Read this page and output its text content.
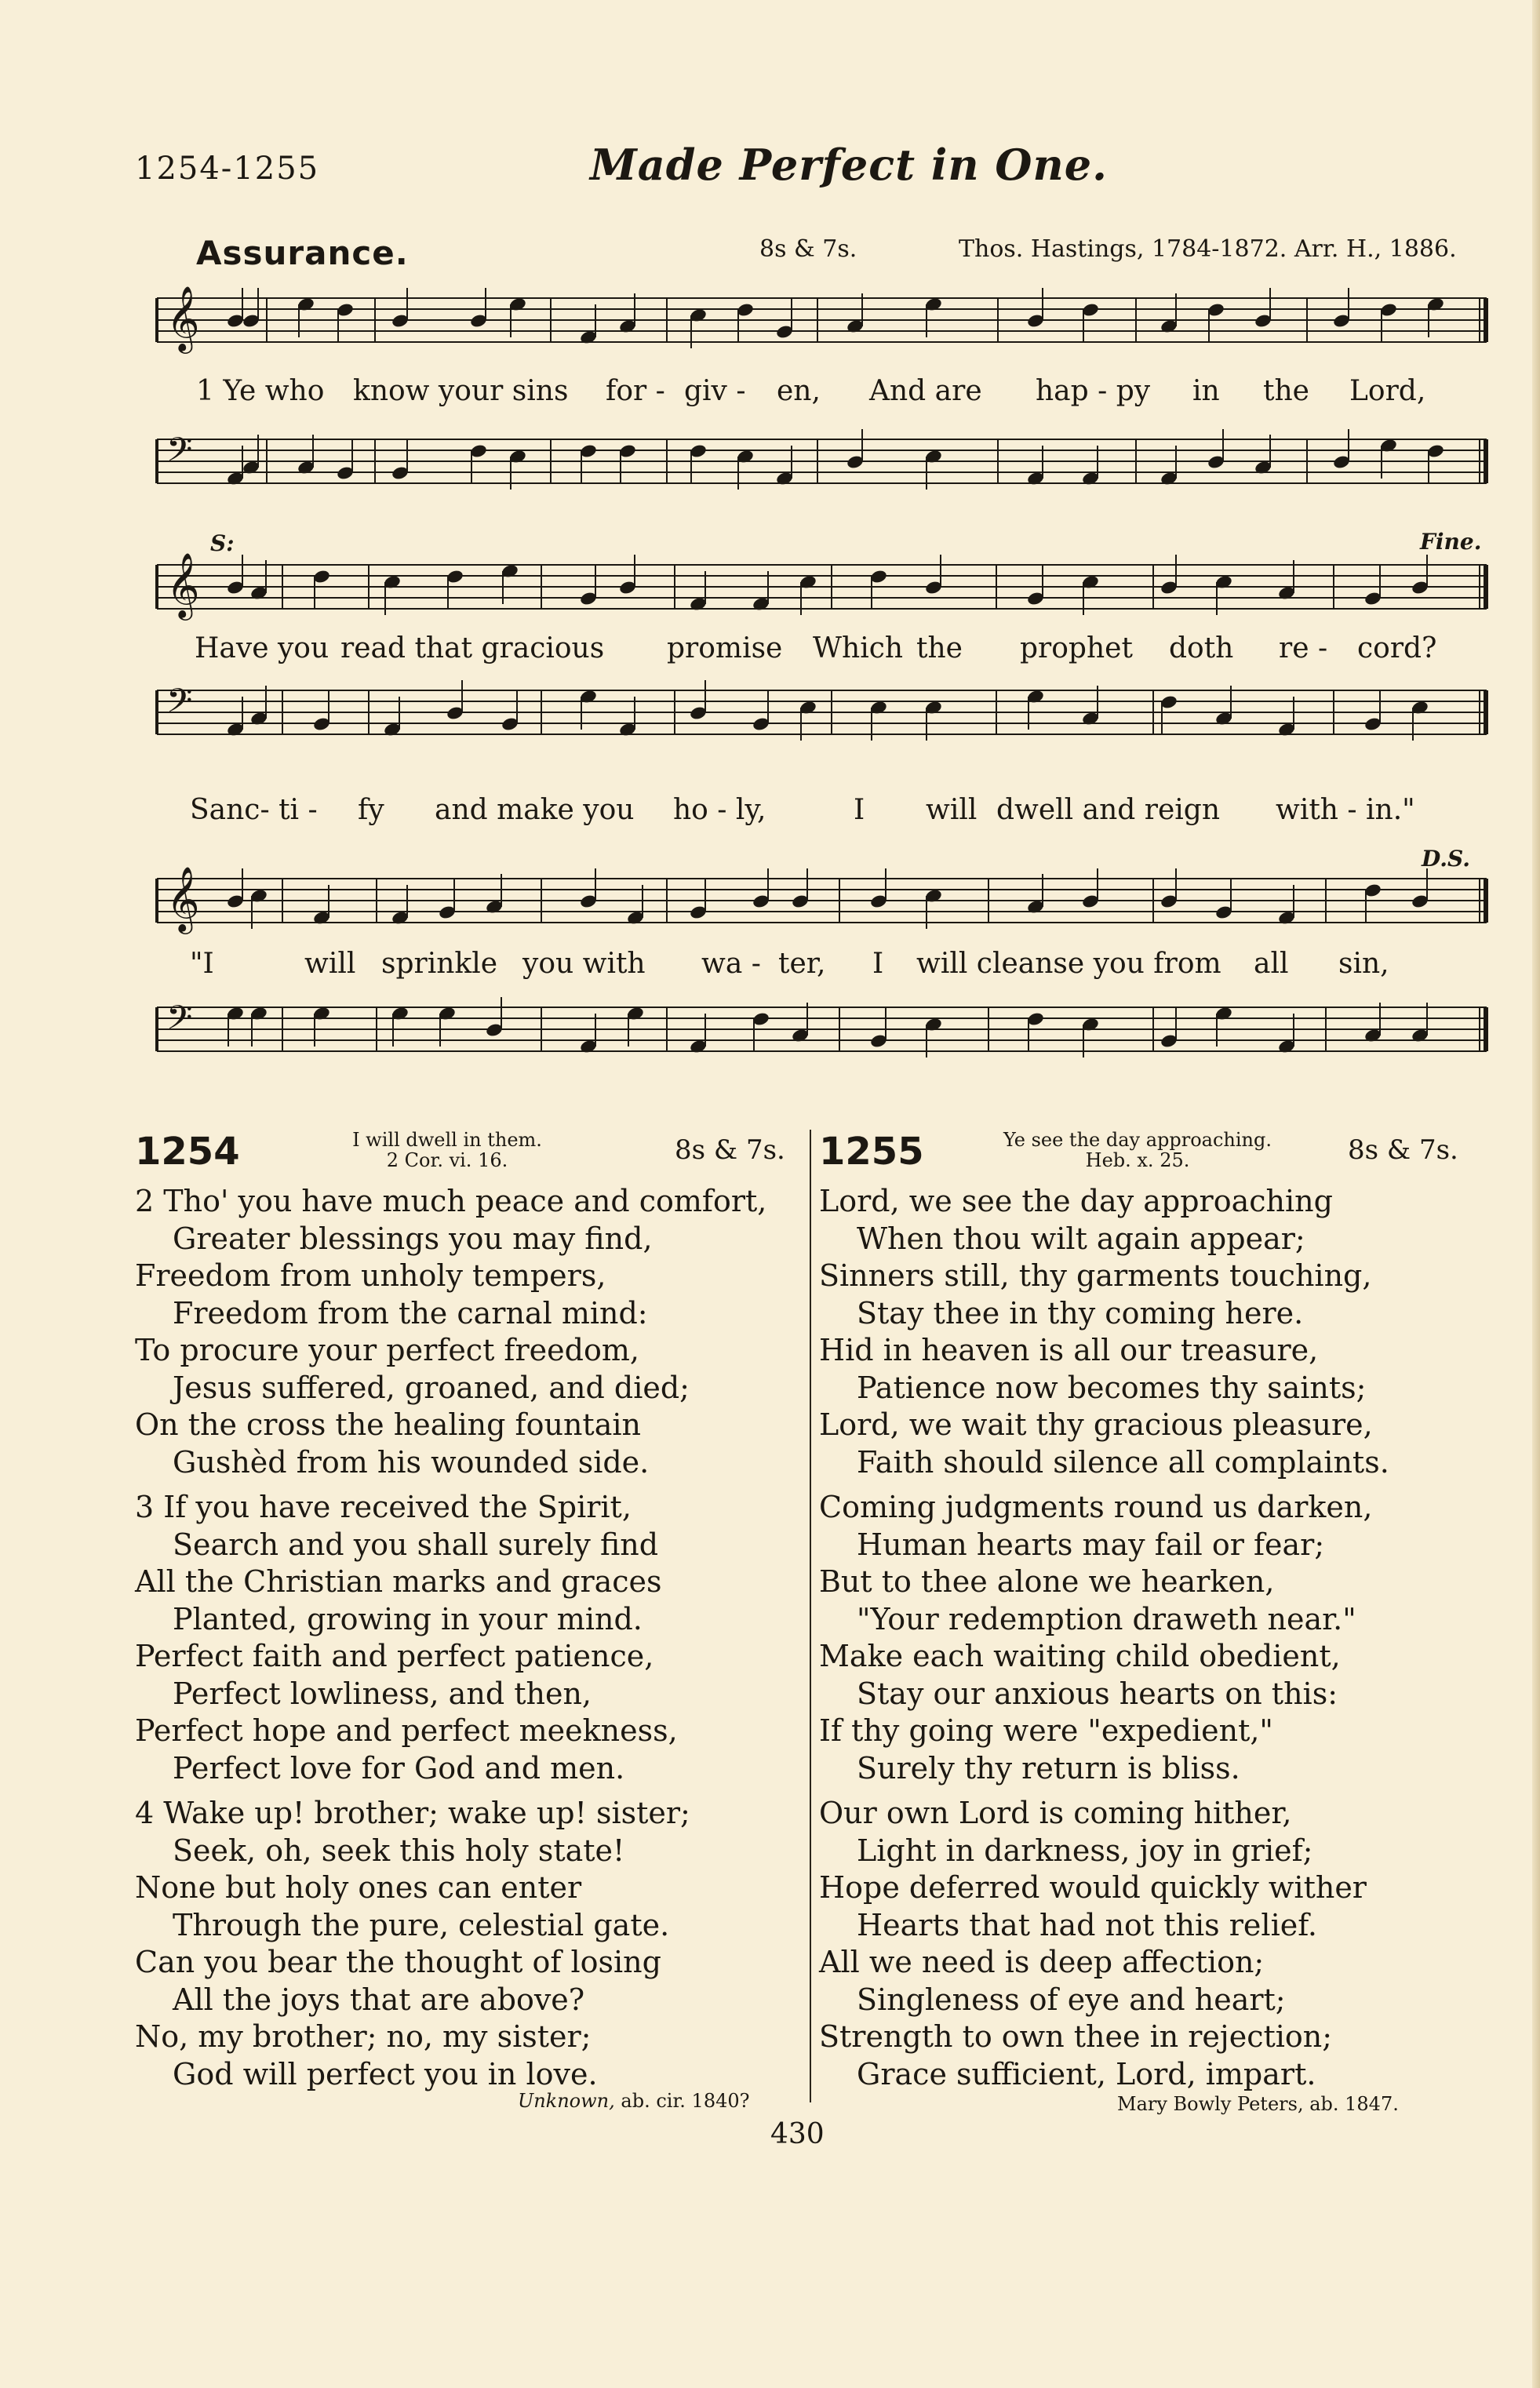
1254-1255	Made Perfect in One.
Assurance.	8s & 7s.	Thos. Hastings, 1784-1872. Arr. H., 1886.
𝄞
1 Ye who know your sins for - giv - en, And are hap - py in the Lord,
𝄢
S:	Fine.
𝄞
Have you read that gracious promise Which the prophet doth re - cord?
𝄢
Sanc- ti - fy and make you ho - ly,	I will dwell and reign with - in."
D.S.
𝄞
"I	will sprinkle you with wa - ter, I will cleanse you from all sin,
𝄢
1254	I will dwell in them.
2 Cor. vi. 16.	8s & 7s.
2 Tho' you have much peace and comfort,
Greater blessings you may find,
Freedom from unholy tempers,
Freedom from the carnal mind:
To procure your perfect freedom,
Jesus suffered, groaned, and died;
On the cross the healing fountain
Gushèd from his wounded side.
3 If you have received the Spirit,
Search and you shall surely find
All the Christian marks and graces
Planted, growing in your mind.
Perfect faith and perfect patience,
Perfect lowliness, and then,
Perfect hope and perfect meekness,
Perfect love for God and men.
4 Wake up! brother; wake up! sister;
Seek, oh, seek this holy state!
None but holy ones can enter
Through the pure, celestial gate.
Can you bear the thought of losing
All the joys that are above?
No, my brother; no, my sister;
God will perfect you in love.
Unknown, ab. cir. 1840?
1255	Ye see the day approaching.
Heb. x. 25.	8s & 7s.
Lord, we see the day approaching
When thou wilt again appear;
Sinners still, thy garments touching,
Stay thee in thy coming here.
Hid in heaven is all our treasure,
Patience now becomes thy saints;
Lord, we wait thy gracious pleasure,
Faith should silence all complaints.
Coming judgments round us darken,
Human hearts may fail or fear;
But to thee alone we hearken,
"Your redemption draweth near."
Make each waiting child obedient,
Stay our anxious hearts on this:
If thy going were "expedient,"
Surely thy return is bliss.
Our own Lord is coming hither,
Light in darkness, joy in grief;
Hope deferred would quickly wither
Hearts that had not this relief.
All we need is deep affection;
Singleness of eye and heart;
Strength to own thee in rejection;
Grace sufficient, Lord, impart.
Mary Bowly Peters, ab. 1847.
430
